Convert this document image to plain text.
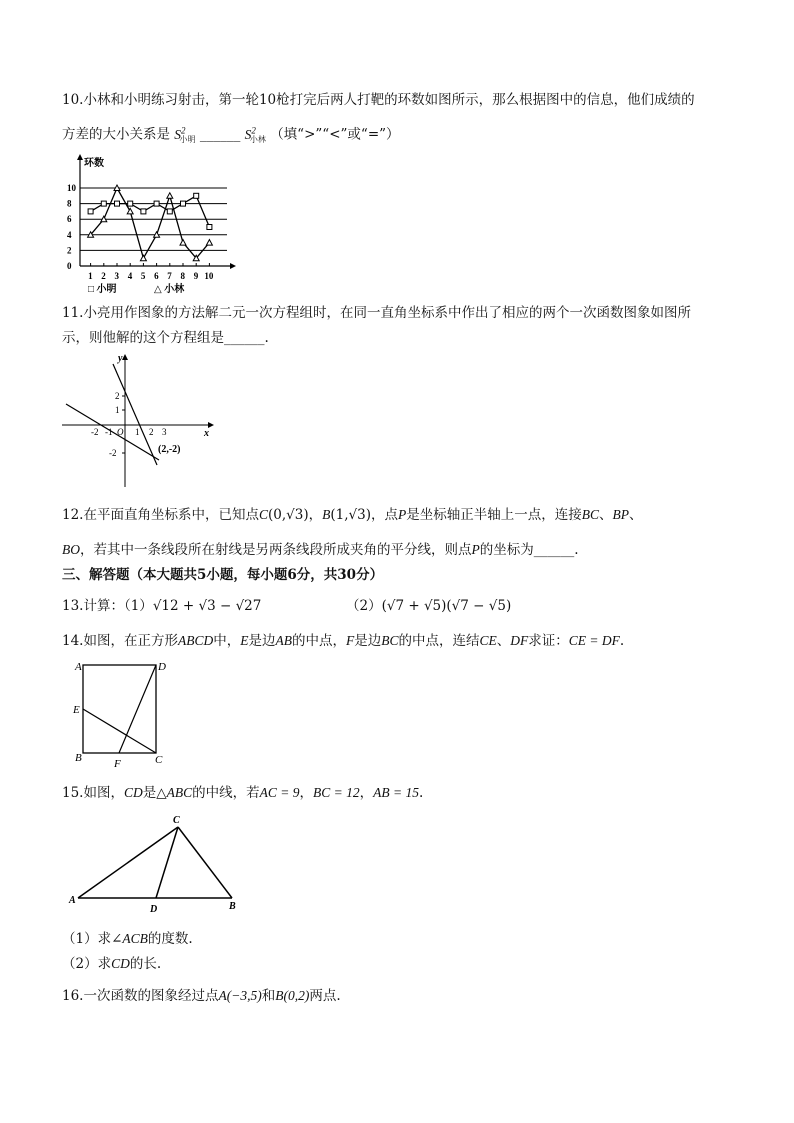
10.小林和小明练习射击，第一轮10枪打完后两人打靶的环数如图所示，那么根据图中的信息，他们成绩的
方差的大小关系是 $S^2_{小明}$ ______ $S^2_{小林}$ （填“>”“<”或“=”）
环数
10
8
6
4
2
0
1 2 3 4 5 6 7 8 9 10
□ 小明	△ 小林
11.小亮用作图象的方法解二元一次方程组时，在同一直角坐标系中作出了相应的两个一次函数图象如图所
示，则他解的这个方程组是______.
y
x
2
1
-2
-2 -1 O 1 2 3
(2,-2)
12.在平面直角坐标系中，已知点C(0,√3)，B(1,√3)，点P是坐标轴正半轴上一点，连接BC、BP、
BO，若其中一条线段所在射线是另两条线段所成夹角的平分线，则点P的坐标为______.
三、解答题（本大题共5小题，每小题6分，共30分）
13.计算：（1）√12 + √3 − √27	（2）(√7 + √5)(√7 − √5)
14.如图，在正方形ABCD中，E是边AB的中点，F是边BC的中点，连结CE、DF求证：CE = DF.
A	D
E
B	C
F
15.如图，CD是△ABC的中线，若AC = 9，BC = 12，AB = 15.
C
A
B
D
（1）求∠ACB的度数.
（2）求CD的长.
16.一次函数的图象经过点A(−3,5)和B(0,2)两点.
